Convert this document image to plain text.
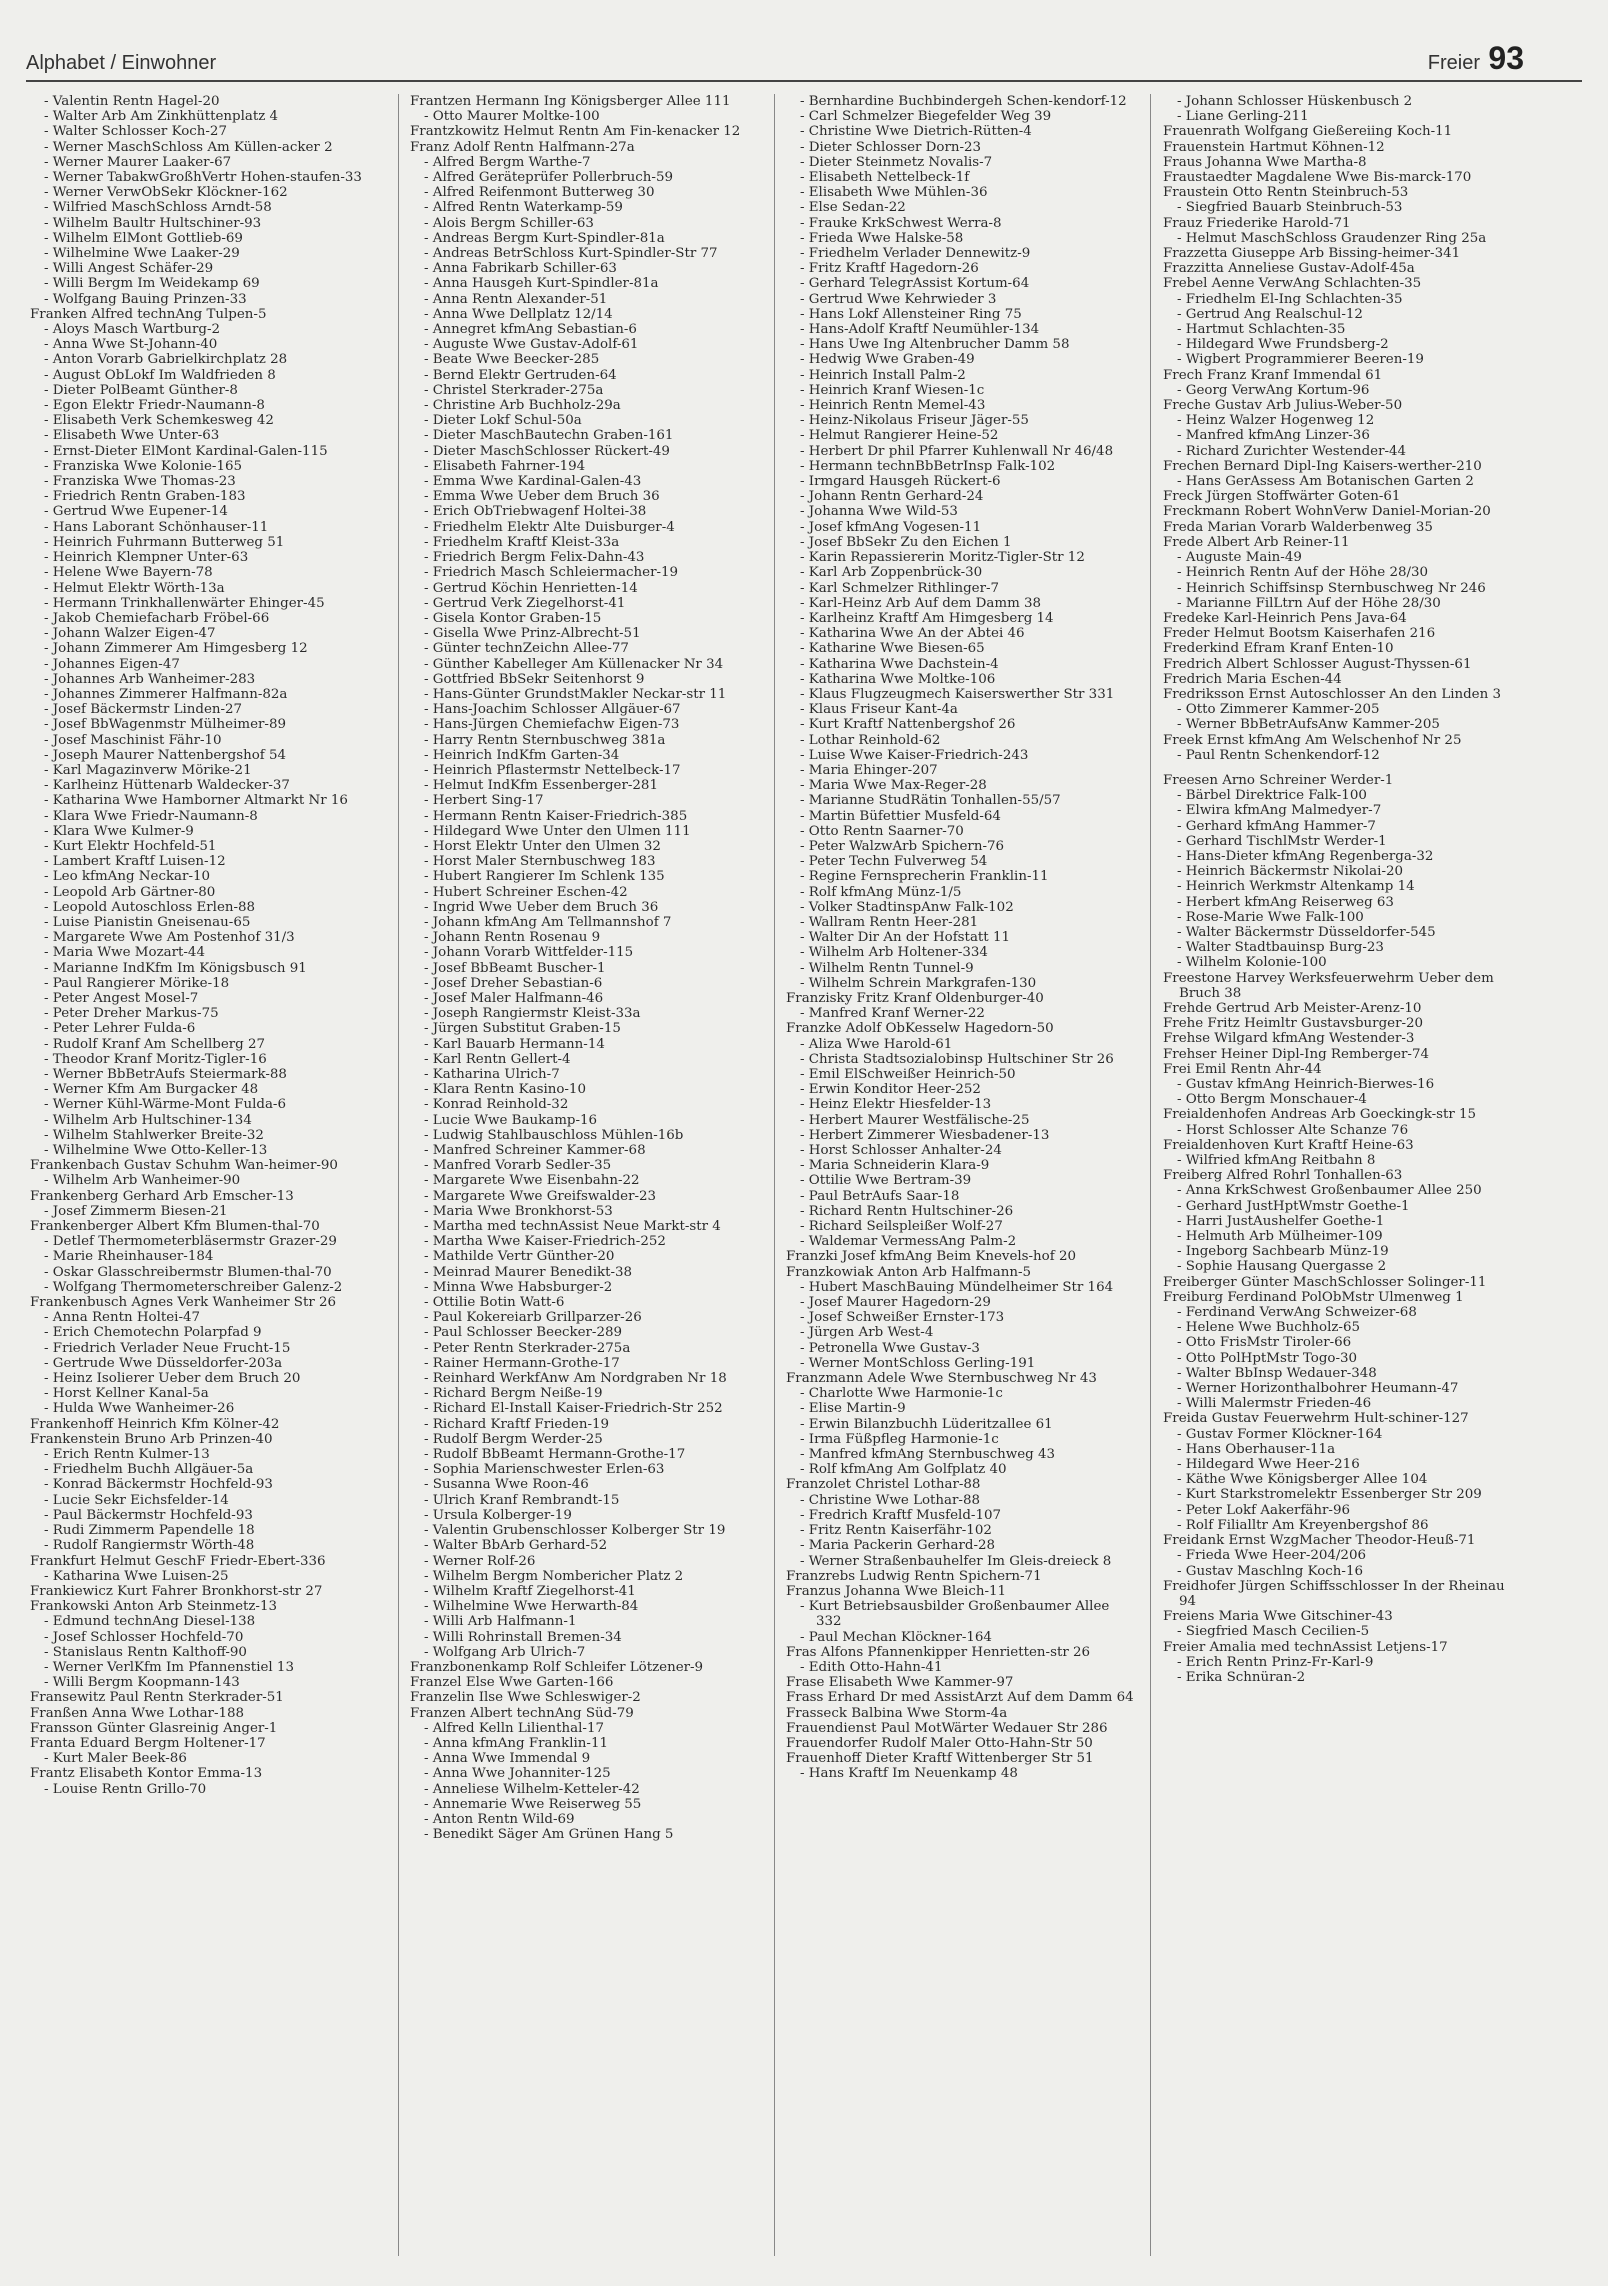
Alphabet / Einwohner	Freier 93
- Valentin Rentn Hagel-20
- Walter Arb Am Zinkhüttenplatz 4
- Walter Schlosser Koch-27
- Werner MaschSchloss Am Küllen-acker 2
- Werner Maurer Laaker-67
- Werner TabakwGroßhVertr Hohen-staufen-33
- Werner VerwObSekr Klöckner-162
- Wilfried MaschSchloss Arndt-58
- Wilhelm Baultr Hultschiner-93
- Wilhelm ElMont Gottlieb-69
- Wilhelmine Wwe Laaker-29
- Willi Angest Schäfer-29
- Willi Bergm Im Weidekamp 69
- Wolfgang Bauing Prinzen-33
Franken Alfred technAng Tulpen-5
- Aloys Masch Wartburg-2
- Anna Wwe St-Johann-40
- Anton Vorarb Gabrielkirchplatz 28
- August ObLokf Im Waldfrieden 8
- Dieter PolBeamt Günther-8
- Egon Elektr Friedr-Naumann-8
- Elisabeth Verk Schemkesweg 42
- Elisabeth Wwe Unter-63
- Ernst-Dieter ElMont Kardinal-Galen-115
- Franziska Wwe Kolonie-165
- Franziska Wwe Thomas-23
- Friedrich Rentn Graben-183
- Gertrud Wwe Eupener-14
- Hans Laborant Schönhauser-11
- Heinrich Fuhrmann Butterweg 51
- Heinrich Klempner Unter-63
- Helene Wwe Bayern-78
- Helmut Elektr Wörth-13a
- Hermann Trinkhallenwärter Ehinger-45
- Jakob Chemiefacharb Fröbel-66
- Johann Walzer Eigen-47
- Johann Zimmerer Am Himgesberg 12
- Johannes Eigen-47
- Johannes Arb Wanheimer-283
- Johannes Zimmerer Halfmann-82a
- Josef Bäckermstr Linden-27
- Josef BbWagenmstr Mülheimer-89
- Josef Maschinist Fähr-10
- Joseph Maurer Nattenbergshof 54
- Karl Magazinverw Mörike-21
- Karlheinz Hüttenarb Waldecker-37
- Katharina Wwe Hamborner Altmarkt Nr 16
- Klara Wwe Friedr-Naumann-8
- Klara Wwe Kulmer-9
- Kurt Elektr Hochfeld-51
- Lambert Kraftf Luisen-12
- Leo kfmAng Neckar-10
- Leopold Arb Gärtner-80
- Leopold Autoschloss Erlen-88
- Luise Pianistin Gneisenau-65
- Margarete Wwe Am Postenhof 31/3
- Maria Wwe Mozart-44
- Marianne IndKfm Im Königsbusch 91
- Paul Rangierer Mörike-18
- Peter Angest Mosel-7
- Peter Dreher Markus-75
- Peter Lehrer Fulda-6
- Rudolf Kranf Am Schellberg 27
- Theodor Kranf Moritz-Tigler-16
- Werner BbBetrAufs Steiermark-88
- Werner Kfm Am Burgacker 48
- Werner Kühl-Wärme-Mont Fulda-6
- Wilhelm Arb Hultschiner-134
- Wilhelm Stahlwerker Breite-32
- Wilhelmine Wwe Otto-Keller-13
Frankenbach Gustav Schuhm Wan-heimer-90
- Wilhelm Arb Wanheimer-90
Frankenberg Gerhard Arb Emscher-13
- Josef Zimmerm Biesen-21
Frankenberger Albert Kfm Blumen-thal-70
- Detlef Thermometerbläsermstr Grazer-29
- Marie Rheinhauser-184
- Oskar Glasschreibermstr Blumen-thal-70
- Wolfgang Thermometerschreiber Galenz-2
Frankenbusch Agnes Verk Wanheimer Str 26
- Anna Rentn Holtei-47
- Erich Chemotechn Polarpfad 9
- Friedrich Verlader Neue Frucht-15
- Gertrude Wwe Düsseldorfer-203a
- Heinz Isolierer Ueber dem Bruch 20
- Horst Kellner Kanal-5a
- Hulda Wwe Wanheimer-26
Frankenhoff Heinrich Kfm Kölner-42
Frankenstein Bruno Arb Prinzen-40
- Erich Rentn Kulmer-13
- Friedhelm Buchh Allgäuer-5a
- Konrad Bäckermstr Hochfeld-93
- Lucie Sekr Eichsfelder-14
- Paul Bäckermstr Hochfeld-93
- Rudi Zimmerm Papendelle 18
- Rudolf Rangiermstr Wörth-48
Frankfurt Helmut GeschF Friedr-Ebert-336
- Katharina Wwe Luisen-25
Frankiewicz Kurt Fahrer Bronkhorst-str 27
Frankowski Anton Arb Steinmetz-13
- Edmund technAng Diesel-138
- Josef Schlosser Hochfeld-70
- Stanislaus Rentn Kalthoff-90
- Werner VerlKfm Im Pfannenstiel 13
- Willi Bergm Koopmann-143
Fransewitz Paul Rentn Sterkrader-51
Franßen Anna Wwe Lothar-188
Fransson Günter Glasreinig Anger-1
Franta Eduard Bergm Holtener-17
- Kurt Maler Beek-86
Frantz Elisabeth Kontor Emma-13
- Louise Rentn Grillo-70
Frantzen Hermann Ing Königsberger Allee 111
- Otto Maurer Moltke-100
Frantzkowitz Helmut Rentn Am Fin-kenacker 12
Franz Adolf Rentn Halfmann-27a
- Alfred Bergm Warthe-7
- Alfred Geräteprüfer Pollerbruch-59
- Alfred Reifenmont Butterweg 30
- Alfred Rentn Waterkamp-59
- Alois Bergm Schiller-63
- Andreas Bergm Kurt-Spindler-81a
- Andreas BetrSchloss Kurt-Spindler-Str 77
- Anna Fabrikarb Schiller-63
- Anna Hausgeh Kurt-Spindler-81a
- Anna Rentn Alexander-51
- Anna Wwe Dellplatz 12/14
- Annegret kfmAng Sebastian-6
- Auguste Wwe Gustav-Adolf-61
- Beate Wwe Beecker-285
- Bernd Elektr Gertruden-64
- Christel Sterkrader-275a
- Christine Arb Buchholz-29a
- Dieter Lokf Schul-50a
- Dieter MaschBautechn Graben-161
- Dieter MaschSchlosser Rückert-49
- Elisabeth Fahrner-194
- Emma Wwe Kardinal-Galen-43
- Emma Wwe Ueber dem Bruch 36
- Erich ObTriebwagenf Holtei-38
- Friedhelm Elektr Alte Duisburger-4
- Friedhelm Kraftf Kleist-33a
- Friedrich Bergm Felix-Dahn-43
- Friedrich Masch Schleiermacher-19
- Gertrud Köchin Henrietten-14
- Gertrud Verk Ziegelhorst-41
- Gisela Kontor Graben-15
- Gisella Wwe Prinz-Albrecht-51
- Günter technZeichn Allee-77
- Günther Kabelleger Am Küllenacker Nr 34
- Gottfried BbSekr Seitenhorst 9
- Hans-Günter GrundstMakler Neckar-str 11
- Hans-Joachim Schlosser Allgäuer-67
- Hans-Jürgen Chemiefachw Eigen-73
- Harry Rentn Sternbuschweg 381a
- Heinrich IndKfm Garten-34
- Heinrich Pflastermstr Nettelbeck-17
- Helmut IndKfm Essenberger-281
- Herbert Sing-17
- Hermann Rentn Kaiser-Friedrich-385
- Hildegard Wwe Unter den Ulmen 111
- Horst Elektr Unter den Ulmen 32
- Horst Maler Sternbuschweg 183
- Hubert Rangierer Im Schlenk 135
- Hubert Schreiner Eschen-42
- Ingrid Wwe Ueber dem Bruch 36
- Johann kfmAng Am Tellmannshof 7
- Johann Rentn Rosenau 9
- Johann Vorarb Wittfelder-115
- Josef BbBeamt Buscher-1
- Josef Dreher Sebastian-6
- Josef Maler Halfmann-46
- Joseph Rangiermstr Kleist-33a
- Jürgen Substitut Graben-15
- Karl Bauarb Hermann-14
- Karl Rentn Gellert-4
- Katharina Ulrich-7
- Klara Rentn Kasino-10
- Konrad Reinhold-32
- Lucie Wwe Baukamp-16
- Ludwig Stahlbauschloss Mühlen-16b
- Manfred Schreiner Kammer-68
- Manfred Vorarb Sedler-35
- Margarete Wwe Eisenbahn-22
- Margarete Wwe Greifswalder-23
- Maria Wwe Bronkhorst-53
- Martha med technAssist Neue Markt-str 4
- Martha Wwe Kaiser-Friedrich-252
- Mathilde Vertr Günther-20
- Meinrad Maurer Benedikt-38
- Minna Wwe Habsburger-2
- Ottilie Botin Watt-6
- Paul Kokereiarb Grillparzer-26
- Paul Schlosser Beecker-289
- Peter Rentn Sterkrader-275a
- Rainer Hermann-Grothe-17
- Reinhard WerkfAnw Am Nordgraben Nr 18
- Richard Bergm Neiße-19
- Richard El-Install Kaiser-Friedrich-Str 252
- Richard Kraftf Frieden-19
- Rudolf Bergm Werder-25
- Rudolf BbBeamt Hermann-Grothe-17
- Sophia Marienschwester Erlen-63
- Susanna Wwe Roon-46
- Ulrich Kranf Rembrandt-15
- Ursula Kolberger-19
- Valentin Grubenschlosser Kolberger Str 19
- Walter BbArb Gerhard-52
- Werner Rolf-26
- Wilhelm Bergm Nombericher Platz 2
- Wilhelm Kraftf Ziegelhorst-41
- Wilhelmine Wwe Herwarth-84
- Willi Arb Halfmann-1
- Willi Rohrinstall Bremen-34
- Wolfgang Arb Ulrich-7
Franzbonenkamp Rolf Schleifer Lötzener-9
Franzel Else Wwe Garten-166
Franzelin Ilse Wwe Schleswiger-2
Franzen Albert technAng Süd-79
- Alfred Kelln Lilienthal-17
- Anna kfmAng Franklin-11
- Anna Wwe Immendal 9
- Anna Wwe Johanniter-125
- Anneliese Wilhelm-Ketteler-42
- Annemarie Wwe Reiserweg 55
- Anton Rentn Wild-69
- Benedikt Säger Am Grünen Hang 5
- Bernhardine Buchbindergeh Schen-kendorf-12
- Carl Schmelzer Biegefelder Weg 39
- Christine Wwe Dietrich-Rütten-4
- Dieter Schlosser Dorn-23
- Dieter Steinmetz Novalis-7
- Elisabeth Nettelbeck-1f
- Elisabeth Wwe Mühlen-36
- Else Sedan-22
- Frauke KrkSchwest Werra-8
- Frieda Wwe Halske-58
- Friedhelm Verlader Dennewitz-9
- Fritz Kraftf Hagedorn-26
- Gerhard TelegrAssist Kortum-64
- Gertrud Wwe Kehrwieder 3
- Hans Lokf Allensteiner Ring 75
- Hans-Adolf Kraftf Neumühler-134
- Hans Uwe Ing Altenbrucher Damm 58
- Hedwig Wwe Graben-49
- Heinrich Install Palm-2
- Heinrich Kranf Wiesen-1c
- Heinrich Rentn Memel-43
- Heinz-Nikolaus Friseur Jäger-55
- Helmut Rangierer Heine-52
- Herbert Dr phil Pfarrer Kuhlenwall Nr 46/48
- Hermann technBbBetrInsp Falk-102
- Irmgard Hausgeh Rückert-6
- Johann Rentn Gerhard-24
- Johanna Wwe Wild-53
- Josef kfmAng Vogesen-11
- Josef BbSekr Zu den Eichen 1
- Karin Repassiererin Moritz-Tigler-Str 12
- Karl Arb Zoppenbrück-30
- Karl Schmelzer Rithlinger-7
- Karl-Heinz Arb Auf dem Damm 38
- Karlheinz Kraftf Am Himgesberg 14
- Katharina Wwe An der Abtei 46
- Katharine Wwe Biesen-65
- Katharina Wwe Dachstein-4
- Katharina Wwe Moltke-106
- Klaus Flugzeugmech Kaiserswerther Str 331
- Klaus Friseur Kant-4a
- Kurt Kraftf Nattenbergshof 26
- Lothar Reinhold-62
- Luise Wwe Kaiser-Friedrich-243
- Maria Ehinger-207
- Maria Wwe Max-Reger-28
- Marianne StudRätin Tonhallen-55/57
- Martin Büfettier Musfeld-64
- Otto Rentn Saarner-70
- Peter WalzwArb Spichern-76
- Peter Techn Fulverweg 54
- Regine Fernsprecherin Franklin-11
- Rolf kfmAng Münz-1/5
- Volker StadtinspAnw Falk-102
- Wallram Rentn Heer-281
- Walter Dir An der Hofstatt 11
- Wilhelm Arb Holtener-334
- Wilhelm Rentn Tunnel-9
- Wilhelm Schrein Markgrafen-130
Franzisky Fritz Kranf Oldenburger-40
- Manfred Kranf Werner-22
Franzke Adolf ObKesselw Hagedorn-50
- Aliza Wwe Harold-61
- Christa Stadtsozialobinsp Hultschiner Str 26
- Emil ElSchweißer Heinrich-50
- Erwin Konditor Heer-252
- Heinz Elektr Hiesfelder-13
- Herbert Maurer Westfälische-25
- Herbert Zimmerer Wiesbadener-13
- Horst Schlosser Anhalter-24
- Maria Schneiderin Klara-9
- Ottilie Wwe Bertram-39
- Paul BetrAufs Saar-18
- Richard Rentn Hultschiner-26
- Richard Seilspleißer Wolf-27
- Waldemar VermessAng Palm-2
Franzki Josef kfmAng Beim Knevels-hof 20
Franzkowiak Anton Arb Halfmann-5
- Hubert MaschBauing Mündelheimer Str 164
- Josef Maurer Hagedorn-29
- Josef Schweißer Ernster-173
- Jürgen Arb West-4
- Petronella Wwe Gustav-3
- Werner MontSchloss Gerling-191
Franzmann Adele Wwe Sternbuschweg Nr 43
- Charlotte Wwe Harmonie-1c
- Elise Martin-9
- Erwin Bilanzbuchh Lüderitzallee 61
- Irma Füßpfleg Harmonie-1c
- Manfred kfmAng Sternbuschweg 43
- Rolf kfmAng Am Golfplatz 40
Franzolet Christel Lothar-88
- Christine Wwe Lothar-88
- Fredrich Kraftf Musfeld-107
- Fritz Rentn Kaiserfähr-102
- Maria Packerin Gerhard-28
- Werner Straßenbauhelfer Im Gleis-dreieck 8
Franzrebs Ludwig Rentn Spichern-71
Franzus Johanna Wwe Bleich-11
- Kurt Betriebsausbilder Großenbaumer Allee 332
- Paul Mechan Klöckner-164
Fras Alfons Pfannenkipper Henrietten-str 26
- Edith Otto-Hahn-41
Frase Elisabeth Wwe Kammer-97
Frass Erhard Dr med AssistArzt Auf dem Damm 64
Frasseck Balbina Wwe Storm-4a
Frauendienst Paul MotWärter Wedauer Str 286
Frauendorfer Rudolf Maler Otto-Hahn-Str 50
Frauenhoff Dieter Kraftf Wittenberger Str 51
- Hans Kraftf Im Neuenkamp 48
- Johann Schlosser Hüskenbusch 2
- Liane Gerling-211
Frauenrath Wolfgang Gießereiing Koch-11
Frauenstein Hartmut Köhnen-12
Fraus Johanna Wwe Martha-8
Fraustaedter Magdalene Wwe Bis-marck-170
Fraustein Otto Rentn Steinbruch-53
- Siegfried Bauarb Steinbruch-53
Frauz Friederike Harold-71
- Helmut MaschSchloss Graudenzer Ring 25a
Frazzetta Giuseppe Arb Bissing-heimer-341
Frazzitta Anneliese Gustav-Adolf-45a
Frebel Aenne VerwAng Schlachten-35
- Friedhelm El-Ing Schlachten-35
- Gertrud Ang Realschul-12
- Hartmut Schlachten-35
- Hildegard Wwe Frundsberg-2
- Wigbert Programmierer Beeren-19
Frech Franz Kranf Immendal 61
- Georg VerwAng Kortum-96
Freche Gustav Arb Julius-Weber-50
- Heinz Walzer Hogenweg 12
- Manfred kfmAng Linzer-36
- Richard Zurichter Westender-44
Frechen Bernard Dipl-Ing Kaisers-werther-210
- Hans GerAssess Am Botanischen Garten 2
Freck Jürgen Stoffwärter Goten-61
Freckmann Robert WohnVerw Daniel-Morian-20
Freda Marian Vorarb Walderbenweg 35
Frede Albert Arb Reiner-11
- Auguste Main-49
- Heinrich Rentn Auf der Höhe 28/30
- Heinrich Schiffsinsp Sternbuschweg Nr 246
- Marianne FilLtrn Auf der Höhe 28/30
Fredeke Karl-Heinrich Pens Java-64
Freder Helmut Bootsm Kaiserhafen 216
Frederkind Efram Kranf Enten-10
Fredrich Albert Schlosser August-Thyssen-61
Fredrich Maria Eschen-44
Fredriksson Ernst Autoschlosser An den Linden 3
- Otto Zimmerer Kammer-205
- Werner BbBetrAufsAnw Kammer-205
Freek Ernst kfmAng Am Welschenhof Nr 25
- Paul Rentn Schenkendorf-12
Freesen Arno Schreiner Werder-1
- Bärbel Direktrice Falk-100
- Elwira kfmAng Malmedyer-7
- Gerhard kfmAng Hammer-7
- Gerhard TischlMstr Werder-1
- Hans-Dieter kfmAng Regenberga-32
- Heinrich Bäckermstr Nikolai-20
- Heinrich Werkmstr Altenkamp 14
- Herbert kfmAng Reiserweg 63
- Rose-Marie Wwe Falk-100
- Walter Bäckermstr Düsseldorfer-545
- Walter Stadtbauinsp Burg-23
- Wilhelm Kolonie-100
Freestone Harvey Werksfeuerwehrm Ueber dem Bruch 38
Frehde Gertrud Arb Meister-Arenz-10
Frehe Fritz Heimltr Gustavsburger-20
Frehse Wilgard kfmAng Westender-3
Frehser Heiner Dipl-Ing Remberger-74
Frei Emil Rentn Ahr-44
- Gustav kfmAng Heinrich-Bierwes-16
- Otto Bergm Monschauer-4
Freialdenhofen Andreas Arb Goeckingk-str 15
- Horst Schlosser Alte Schanze 76
Freialdenhoven Kurt Kraftf Heine-63
- Wilfried kfmAng Reitbahn 8
Freiberg Alfred Rohrl Tonhallen-63
- Anna KrkSchwest Großenbaumer Allee 250
- Gerhard JustHptWmstr Goethe-1
- Harri JustAushelfer Goethe-1
- Helmuth Arb Mülheimer-109
- Ingeborg Sachbearb Münz-19
- Sophie Hausang Quergasse 2
Freiberger Günter MaschSchlosser Solinger-11
Freiburg Ferdinand PolObMstr Ulmenweg 1
- Ferdinand VerwAng Schweizer-68
- Helene Wwe Buchholz-65
- Otto FrisMstr Tiroler-66
- Otto PolHptMstr Togo-30
- Walter BbInsp Wedauer-348
- Werner Horizonthalbohrer Heumann-47
- Willi Malermstr Frieden-46
Freida Gustav Feuerwehrm Hult-schiner-127
- Gustav Former Klöckner-164
- Hans Oberhauser-11a
- Hildegard Wwe Heer-216
- Käthe Wwe Königsberger Allee 104
- Kurt Starkstromelektr Essenberger Str 209
- Peter Lokf Aakerfähr-96
- Rolf Filialltr Am Kreyenbergshof 86
Freidank Ernst WzgMacher Theodor-Heuß-71
- Frieda Wwe Heer-204/206
- Gustav Maschlng Koch-16
Freidhofer Jürgen Schiffsschlosser In der Rheinau 94
Freiens Maria Wwe Gitschiner-43
- Siegfried Masch Cecilien-5
Freier Amalia med technAssist Letjens-17
- Erich Rentn Prinz-Fr-Karl-9
- Erika Schnüran-2
